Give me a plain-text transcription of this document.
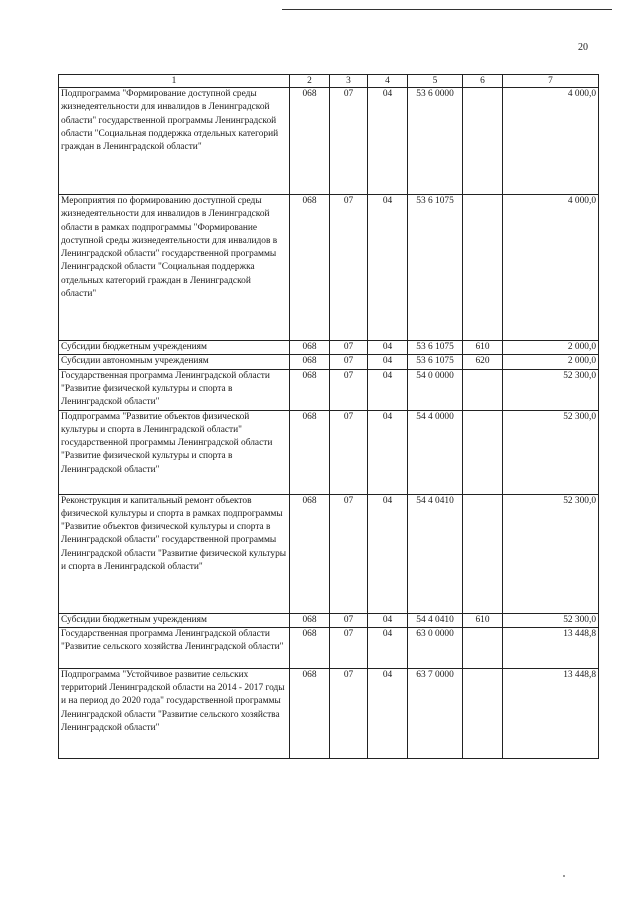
20
1	2	3	4	5	6	7
Подпрограмма "Формирование доступной среды жизнедеятельности для инвалидов в Ленинградской области" государственной программы Ленинградской области "Социальная поддержка отдельных категорий граждан в Ленинградской области"	068	07	04	53 6 0000		4 000,0
Мероприятия по формированию доступной среды жизнедеятельности для инвалидов в Ленинградской области в рамках подпрограммы "Формирование доступной среды жизнедеятельности для инвалидов в Ленинградской области" государственной программы Ленинградской области "Социальная поддержка отдельных категорий граждан в Ленинградской области"	068	07	04	53 6 1075		4 000,0
Субсидии бюджетным учреждениям	068	07	04	53 6 1075	610	2 000,0
Субсидии автономным учреждениям	068	07	04	53 6 1075	620	2 000,0
Государственная программа Ленинградской области "Развитие физической культуры и спорта в Ленинградской области"	068	07	04	54 0 0000		52 300,0
Подпрограмма "Развитие объектов физической культуры и спорта в Ленинградской области" государственной программы Ленинградской области "Развитие физической культуры и спорта в Ленинградской области"	068	07	04	54 4 0000		52 300,0
Реконструкция и капитальный ремонт объектов физической культуры и спорта в рамках подпрограммы "Развитие объектов физической культуры и спорта в Ленинградской области" государственной программы Ленинградской области "Развитие физической культуры и спорта в Ленинградской области"	068	07	04	54 4 0410		52 300,0
Субсидии бюджетным учреждениям	068	07	04	54 4 0410	610	52 300,0
Государственная программа Ленинградской области "Развитие сельского хозяйства Ленинградской области"	068	07	04	63 0 0000		13 448,8
Подпрограмма "Устойчивое развитие сельских территорий Ленинградской области на 2014 - 2017 годы и на период до 2020 года" государственной программы Ленинградской области "Развитие сельского хозяйства Ленинградской области"	068	07	04	63 7 0000		13 448,8
